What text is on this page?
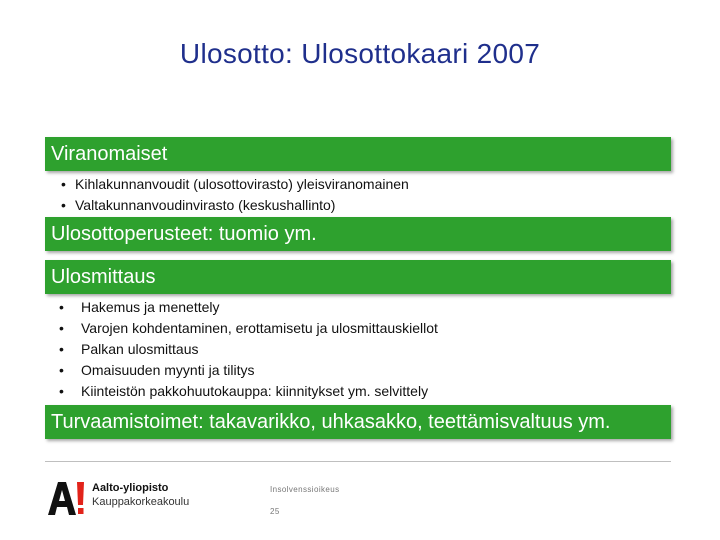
Ulosotto: Ulosottokaari 2007
Viranomaiset
• Kihlakunnanvoudit (ulosottovirasto) yleisviranomainen
• Valtakunnanvoudinvirasto (keskushallinto)
Ulosottoperusteet: tuomio ym.
Ulosmittaus
• Hakemus ja menettely
• Varojen kohdentaminen, erottamisetu ja ulosmittauskiellot
• Palkan ulosmittaus
• Omaisuuden myynti ja tilitys
• Kiinteistön pakkohuutokauppa: kiinnitykset ym. selvittely
Turvaamistoimet: takavarikko, uhkasakko, teettämisvaltuus ym.
Aalto-yliopisto
Kauppakorkeakoulu
Insolvenssioikeus
25
